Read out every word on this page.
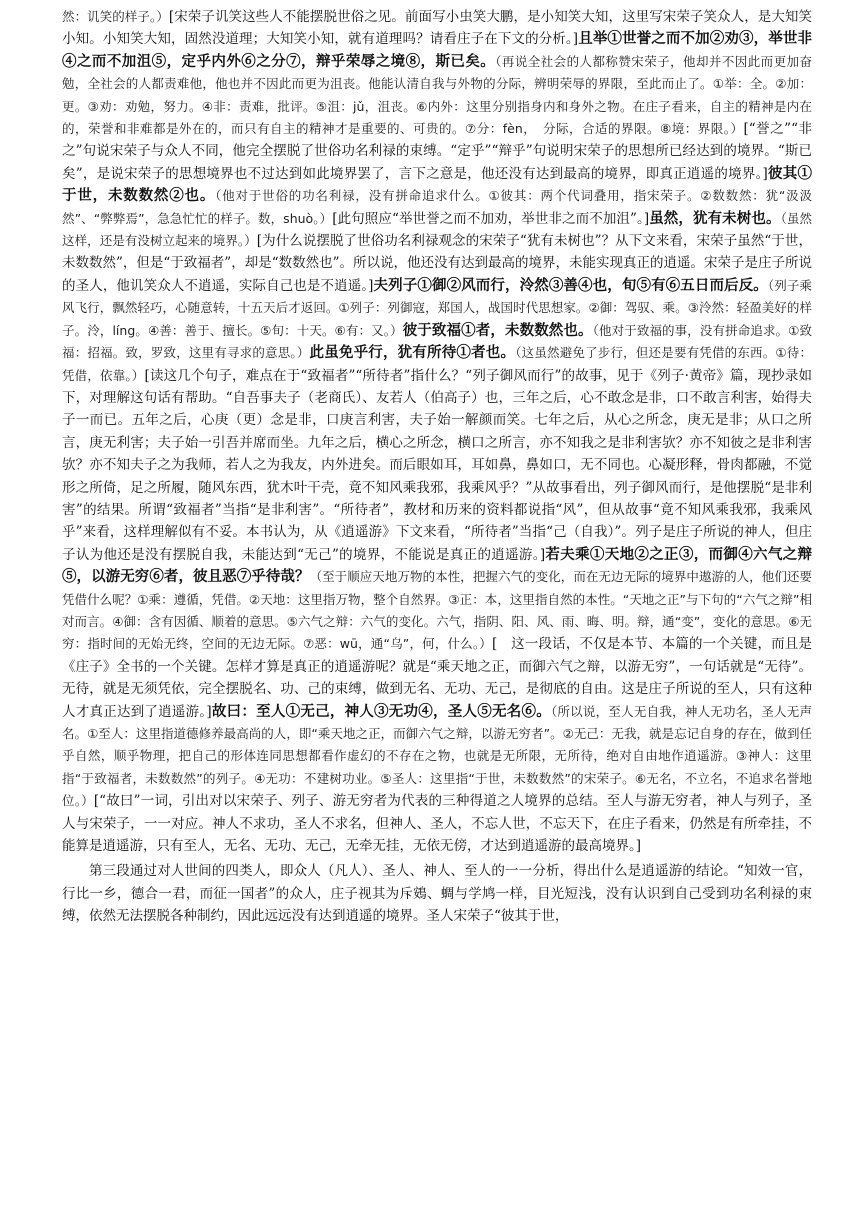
然：讥笑的样子。）[宋荣子讥笑这些人不能摆脱世俗之见。前面写小虫笑大鹏，是小知笑大知，这里写宋荣子笑众人，是大知笑小知。小知笑大知，固然没道理；大知笑小知，就有道理吗？请看庄子在下文的分析。]且举①世誉之而不加②劝③，举世非④之而不加沮⑤，定乎内外⑥之分⑦，辩乎荣辱之境⑧，斯已矣。（再说全社会的人都称赞宋荣子，他却并不因此而更加奋勉，全社会的人都责难他，他也并不因此而更为沮丧。他能认清自我与外物的分际，辨明荣辱的界限，至此而止了。①举：全。②加：更。③劝：劝勉，努力。④非：责难，批评。⑤沮：jǔ，沮丧。⑥内外：这里分别指身内和身外之物。在庄子看来，自主的精神是内在的，荣誉和非难都是外在的，而只有自主的精神才是重要的、可贵的。⑦分：fèn，　分际，合适的界限。⑧境：界限。）[“誉之”“非之”句说宋荣子与众人不同，他完全摆脱了世俗功名利禄的束缚。“定乎”“辩乎”句说明宋荣子的思想所已经达到的境界。“斯已矣”，是说宋荣子的思想境界也不过达到如此境界罢了，言下之意是，他还没有达到最高的境界，即真正逍遥的境界。]彼其①于世，未数数然②也。（他对于世俗的功名利禄，没有拼命追求什么。①彼其：两个代词叠用，指宋荣子。②数数然：犹“汲汲然”、“弊弊焉”，急急忙忙的样子。数，shuò。）[此句照应“举世誉之而不加劝，举世非之而不加沮”。]虽然，犹有未树也。（虽然这样，还是有没树立起来的境界。）[为什么说摆脱了世俗功名利禄观念的宋荣子“犹有未树也”？从下文来看，宋荣子虽然“于世，未数数然”，但是“于致福者”，却是“数数然也”。所以说，他还没有达到最高的境界，未能实现真正的逍遥。宋荣子是庄子所说的圣人，他讥笑众人不逍遥，实际自己也是不逍遥。]夫列子①御②风而行，泠然③善④也，旬⑤有⑥五日而后反。（列子乘风飞行，飘然轻巧，心随意转，十五天后才返回。①列子：列御寇，郑国人，战国时代思想家。②御：驾驭、乘。③泠然：轻盈美好的样子。泠，líng。④善：善于、擅长。⑤旬：十天。⑥有：又。）彼于致福①者，未数数然也。（他对于致福的事，没有拼命追求。①致福：招福。致，罗致，这里有寻求的意思。）此虽免乎行，犹有所待①者也。（这虽然避免了步行，但还是要有凭借的东西。①待：凭借，依靠。）[读这几个句子，难点在于“致福者”“所待者”指什么？“列子御风而行”的故事，见于《列子·黄帝》篇，现抄录如下，对理解这句话有帮助。“自吾事夫子（老商氏）、友若人（伯高子）也，三年之后，心不敢念是非，口不敢言利害，始得夫子一而已。五年之后，心庚（更）念是非，口庚言利害，夫子始一解颜而笑。七年之后，从心之所念，庚无是非；从口之所言，庚无利害；夫子始一引吾并席而坐。九年之后，横心之所念，横口之所言，亦不知我之是非利害欤？亦不知彼之是非利害欤？亦不知夫子之为我师，若人之为我友，内外进矣。而后眼如耳，耳如鼻，鼻如口，无不同也。心凝形释，骨肉都融，不觉形之所倚，足之所履，随风东西，犹木叶干壳，竟不知风乘我邪，我乘风乎？”从故事看出，列子御风而行，是他摆脱“是非利害”的结果。所谓“致福者”当指“是非利害”。“所待者”，教材和历来的资料都说指“风”，但从故事“竟不知风乘我邪，我乘风乎”来看，这样理解似有不妥。本书认为，从《逍遥游》下文来看，“所待者”当指“己（自我）”。列子是庄子所说的神人，但庄子认为他还是没有摆脱自我，未能达到“无己”的境界，不能说是真正的逍遥游。]若夫乘①天地②之正③，而御④六气之辩⑤，以游无穷⑥者，彼且恶⑦乎待哉？（至于顺应天地万物的本性，把握六气的变化，而在无边无际的境界中遨游的人，他们还要凭借什么呢？①乘：遵循，凭借。②天地：这里指万物，整个自然界。③正：本，这里指自然的本性。“天地之正”与下句的“六气之辩”相对而言。④御：含有因循、顺着的意思。⑤六气之辩：六气的变化。六气，指阴、阳、风、雨、晦、明。辩，通“变”，变化的意思。⑥无穷：指时间的无始无终，空间的无边无际。⑦恶：wū，通“乌”，何，什么。）[　这一段话，不仅是本节、本篇的一个关键，而且是《庄子》全书的一个关键。怎样才算是真正的逍遥游呢？就是“乘天地之正，而御六气之辩，以游无穷”，一句话就是“无待”。无待，就是无须凭依，完全摆脱名、功、己的束缚，做到无名、无功、无己，是彻底的自由。这是庄子所说的至人，只有这种人才真正达到了逍遥游。]故曰：至人①无己，神人③无功④，圣人⑤无名⑥。（所以说，至人无自我，神人无功名，圣人无声名。①至人：这里指道德修养最高尚的人，即“乘天地之正，而御六气之辩，以游无穷者”。②无己：无我，就是忘记自身的存在，做到任乎自然，顺乎物理，把自己的形体连同思想都看作虚幻的不存在之物，也就是无所限，无所待，绝对自由地作逍遥游。③神人：这里指“于致福者，未数数然”的列子。④无功：不建树功业。⑤圣人：这里指“于世，未数数然”的宋荣子。⑥无名，不立名，不追求名誉地位。）[“故曰”一词，引出对以宋荣子、列子、游无穷者为代表的三种得道之人境界的总结。至人与游无穷者，神人与列子，圣人与宋荣子，一一对应。神人不求功，圣人不求名，但神人、圣人，不忘人世，不忘天下，在庄子看来，仍然是有所牵挂，不能算是逍遥游，只有至人，无名、无功、无己，无牵无挂，无依无傍，才达到逍遥游的最高境界。]

第三段通过对人世间的四类人，即众人（凡人）、圣人、神人、至人的一一分析，得出什么是逍遥游的结论。“知效一官，行比一乡，德合一君，而征一国者”的众人，庄子视其为斥鴳、蜩与学鸠一样，目光短浅，没有认识到自己受到功名利禄的束缚，依然无法摆脱各种制约，因此远远没有达到逍遥的境界。圣人宋荣子“彼其于世，
